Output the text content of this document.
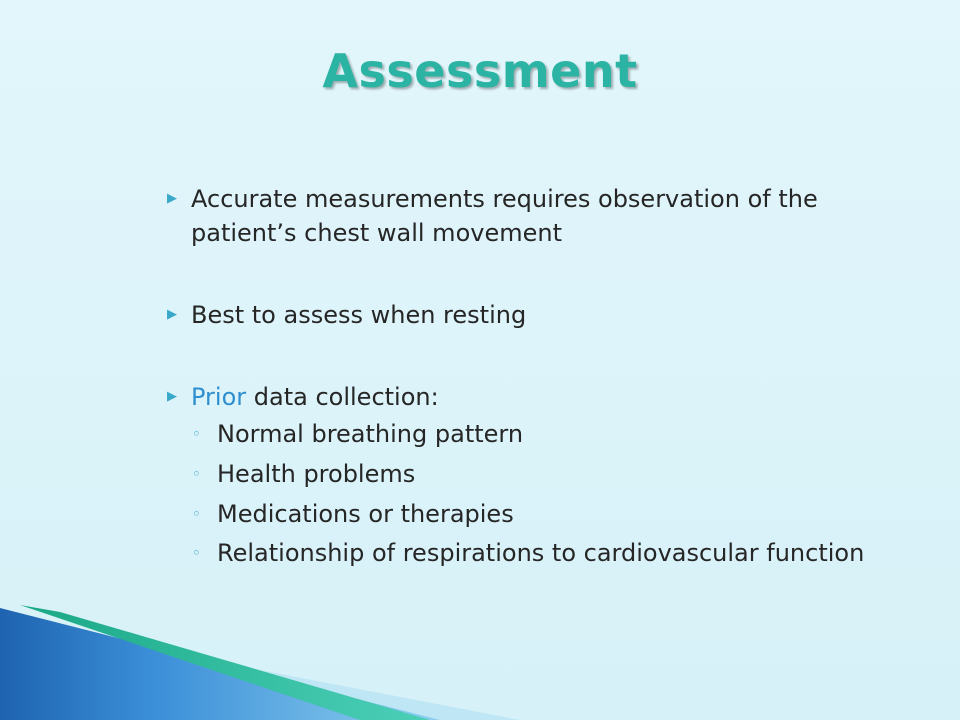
Assessment

▶ Accurate measurements requires observation of the patient’s chest wall movement

▶ Best to assess when resting

▶ Prior data collection:

◦ Normal breathing pattern

◦ Health problems

◦ Medications or therapies

◦ Relationship of respirations to cardiovascular function
